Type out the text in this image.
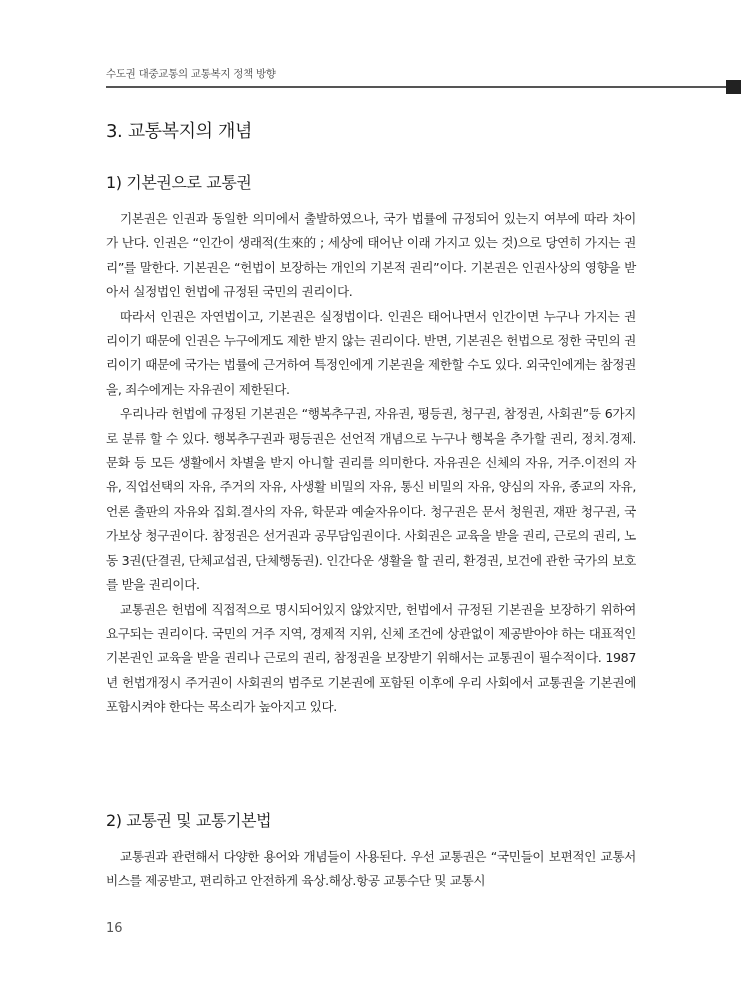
수도권 대중교통의 교통복지 정책 방향
3. 교통복지의 개념
1) 기본권으로 교통권

기본권은 인권과 동일한 의미에서 출발하였으나, 국가 법률에 규정되어 있는지 여부에 따라 차이가 난다. 인권은 “인간이 생래적(生來的 ; 세상에 태어난 이래 가지고 있는 것)으로 당연히 가지는 권리”를 말한다. 기본권은 “헌법이 보장하는 개인의 기본적 권리”이다. 기본권은 인권사상의 영향을 받아서 실정법인 헌법에 규정된 국민의 권리이다.

따라서 인권은 자연법이고, 기본권은 실정법이다. 인권은 태어나면서 인간이면 누구나 가지는 권리이기 때문에 인권은 누구에게도 제한 받지 않는 권리이다. 반면, 기본권은 헌법으로 정한 국민의 권리이기 때문에 국가는 법률에 근거하여 특정인에게 기본권을 제한할 수도 있다. 외국인에게는 참정권을, 죄수에게는 자유권이 제한된다.

우리나라 헌법에 규정된 기본권은 “행복추구권, 자유권, 평등권, 청구권, 참정권, 사회권”등 6가지로 분류 할 수 있다. 행복추구권과 평등권은 선언적 개념으로 누구나 행복을 추가할 권리, 정치.경제.문화 등 모든 생활에서 차별을 받지 아니할 권리를 의미한다. 자유권은 신체의 자유, 거주.이전의 자유, 직업선택의 자유, 주거의 자유, 사생활 비밀의 자유, 통신 비밀의 자유, 양심의 자유, 종교의 자유, 언론 출판의 자유와 집회.결사의 자유, 학문과 예술자유이다. 청구권은 문서 청원권, 재판 청구권, 국가보상 청구권이다. 참정권은 선거권과 공무담임권이다. 사회권은 교육을 받을 권리, 근로의 권리, 노동 3권(단결권, 단체교섭권, 단체행동권). 인간다운 생활을 할 권리, 환경권, 보건에 관한 국가의 보호를 받을 권리이다.

교통권은 헌법에 직접적으로 명시되어있지 않았지만, 헌법에서 규정된 기본권을 보장하기 위하여 요구되는 권리이다. 국민의 거주 지역, 경제적 지위, 신체 조건에 상관없이 제공받아야 하는 대표적인 기본권인 교육을 받을 권리나 근로의 권리, 참정권을 보장받기 위해서는 교통권이 필수적이다. 1987년 헌법개정시 주거권이 사회권의 범주로 기본권에 포함된 이후에 우리 사회에서 교통권을 기본권에 포함시켜야 한다는 목소리가 높아지고 있다.

2) 교통권 및 교통기본법

교통권과 관련해서 다양한 용어와 개념들이 사용된다. 우선 교통권은 “국민들이 보편적인 교통서비스를 제공받고, 편리하고 안전하게 육상.해상.항공 교통수단 및 교통시

16
